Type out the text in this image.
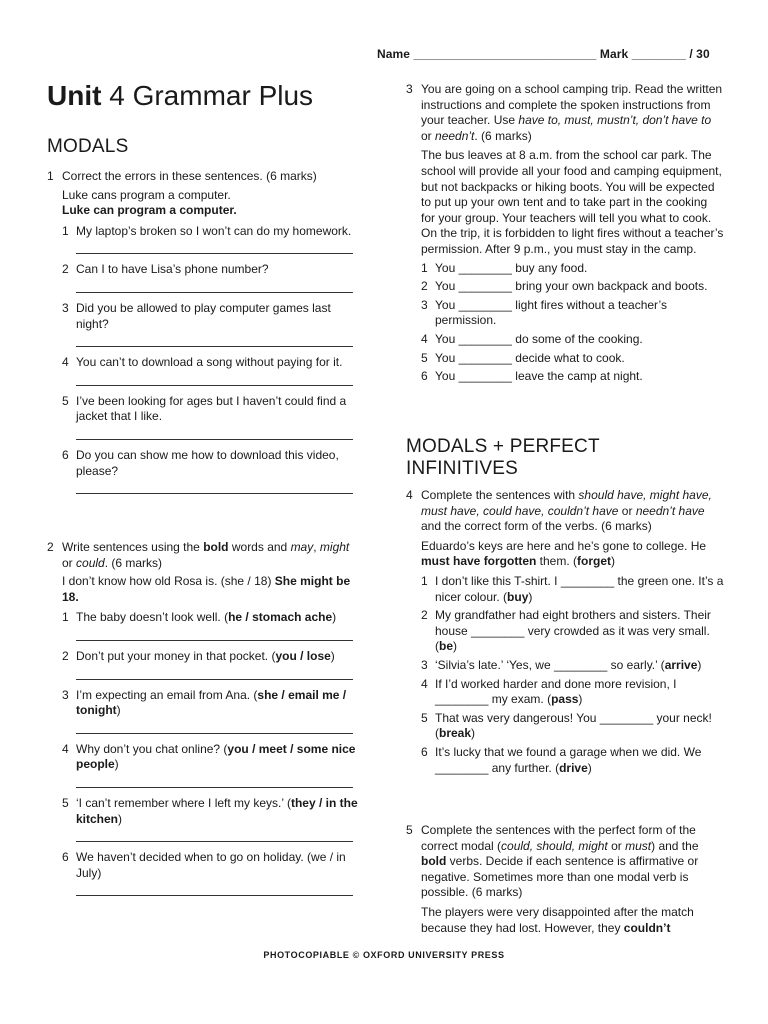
Name ___________________________ Mark ________ / 30
Unit 4 Grammar Plus
MODALS
1 Correct the errors in these sentences. (6 marks)
Luke cans program a computer.
Luke can program a computer.
1 My laptop’s broken so I won’t can do my homework.
2 Can I to have Lisa’s phone number?
3 Did you be allowed to play computer games last night?
4 You can’t to download a song without paying for it.
5 I’ve been looking for ages but I haven’t could find a jacket that I like.
6 Do you can show me how to download this video, please?
2 Write sentences using the bold words and may, might or could. (6 marks)
I don’t know how old Rosa is. (she / 18) She might be 18.
1 The baby doesn’t look well. (he / stomach ache)
2 Don’t put your money in that pocket. (you / lose)
3 I’m expecting an email from Ana. (she / email me / tonight)
4 Why don’t you chat online? (you / meet / some nice people)
5 ‘I can’t remember where I left my keys.’ (they / in the kitchen)
6 We haven’t decided when to go on holiday. (we / in July)
3 You are going on a school camping trip. Read the written instructions and complete the spoken instructions from your teacher. Use have to, must, mustn’t, don’t have to or needn’t. (6 marks)
The bus leaves at 8 a.m. from the school car park. The school will provide all your food and camping equipment, but not backpacks or hiking boots. You will be expected to put up your own tent and to take part in the cooking for your group. Your teachers will tell you what to cook. On the trip, it is forbidden to light fires without a teacher’s permission. After 9 p.m., you must stay in the camp.
1 You ________ buy any food.
2 You ________ bring your own backpack and boots.
3 You ________ light fires without a teacher’s permission.
4 You ________ do some of the cooking.
5 You ________ decide what to cook.
6 You ________ leave the camp at night.
MODALS + PERFECT
INFINITIVES
4 Complete the sentences with should have, might have, must have, could have, couldn’t have or needn’t have and the correct form of the verbs. (6 marks)
Eduardo’s keys are here and he’s gone to college. He must have forgotten them. (forget)
1 I don’t like this T-shirt. I ________ the green one. It’s a nicer colour. (buy)
2 My grandfather had eight brothers and sisters. Their house ________ very crowded as it was very small. (be)
3 ‘Silvia’s late.’ ‘Yes, we ________ so early.’ (arrive)
4 If I’d worked harder and done more revision, I ________ my exam. (pass)
5 That was very dangerous! You ________ your neck! (break)
6 It’s lucky that we found a garage when we did. We ________ any further. (drive)
5 Complete the sentences with the perfect form of the correct modal (could, should, might or must) and the bold verbs. Decide if each sentence is affirmative or negative. Sometimes more than one modal verb is possible. (6 marks)
The players were very disappointed after the match because they had lost. However, they couldn’t
PHOTOCOPIABLE © OXFORD UNIVERSITY PRESS
